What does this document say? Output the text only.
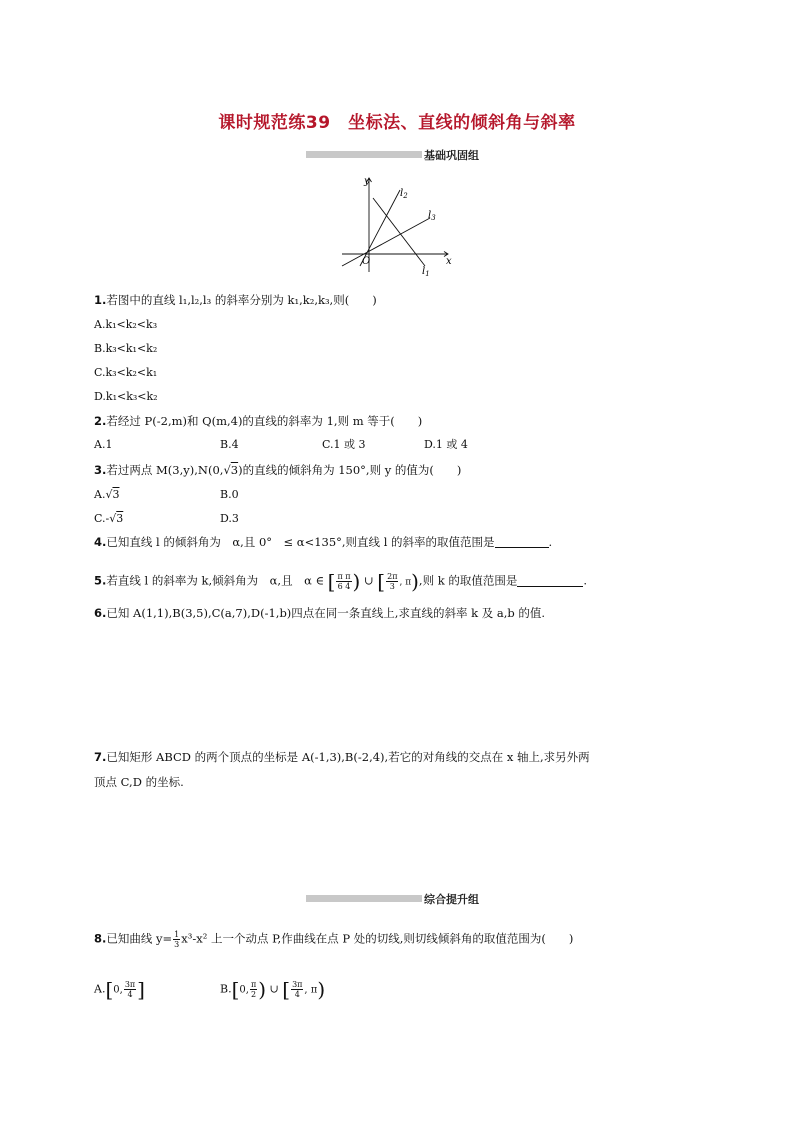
课时规范练39　坐标法、直线的倾斜角与斜率
基础巩固组
y
x
O
$l_1$
$l_2$
$l_3$
1.若图中的直线 l₁,l₂,l₃ 的斜率分别为 k₁,k₂,k₃,则(　　)
A.k₁<k₂<k₃
B.k₃<k₁<k₂
C.k₃<k₂<k₁
D.k₁<k₃<k₂
2.若经过 P(-2,m)和 Q(m,4)的直线的斜率为 1,则 m 等于(　　)
A.1	B.4	C.1 或 3	D.1 或 4
3.若过两点 M(3,y),N(0,√3)的直线的倾斜角为 150°,则 y 的值为(　　)
A.√3	B.0
C.-√3	D.3
4.已知直线 l 的倾斜角为　α,且 0°　≤ α<135°,则直线 l 的斜率的取值范围是	.
5.若直线 l 的斜率为 k,倾斜角为　α,且　α ∈ [ $\frac{\text{π π}}{6 4}$ ) ∪ [ $\frac{2\pi}{3}$ , π),则 k 的取值范围是	.
6.已知 A(1,1),B(3,5),C(a,7),D(-1,b)四点在同一条直线上,求直线的斜率 k 及 a,b 的值.
7.已知矩形 ABCD 的两个顶点的坐标是 A(-1,3),B(-2,4),若它的对角线的交点在 x 轴上,求另外两
顶点 C,D 的坐标.
综合提升组
8.已知曲线 $y= \frac{1}{3} x^3-x^2$ 上一个动点 P,作曲线在点 P 处的切线,则切线倾斜角的取值范围为(　　)
A.[0, $\frac{3\pi}{4}$ ]	B.[0, $\frac{\pi}{2}$ ) ∪ [ $\frac{3\pi}{4}$ , π)
